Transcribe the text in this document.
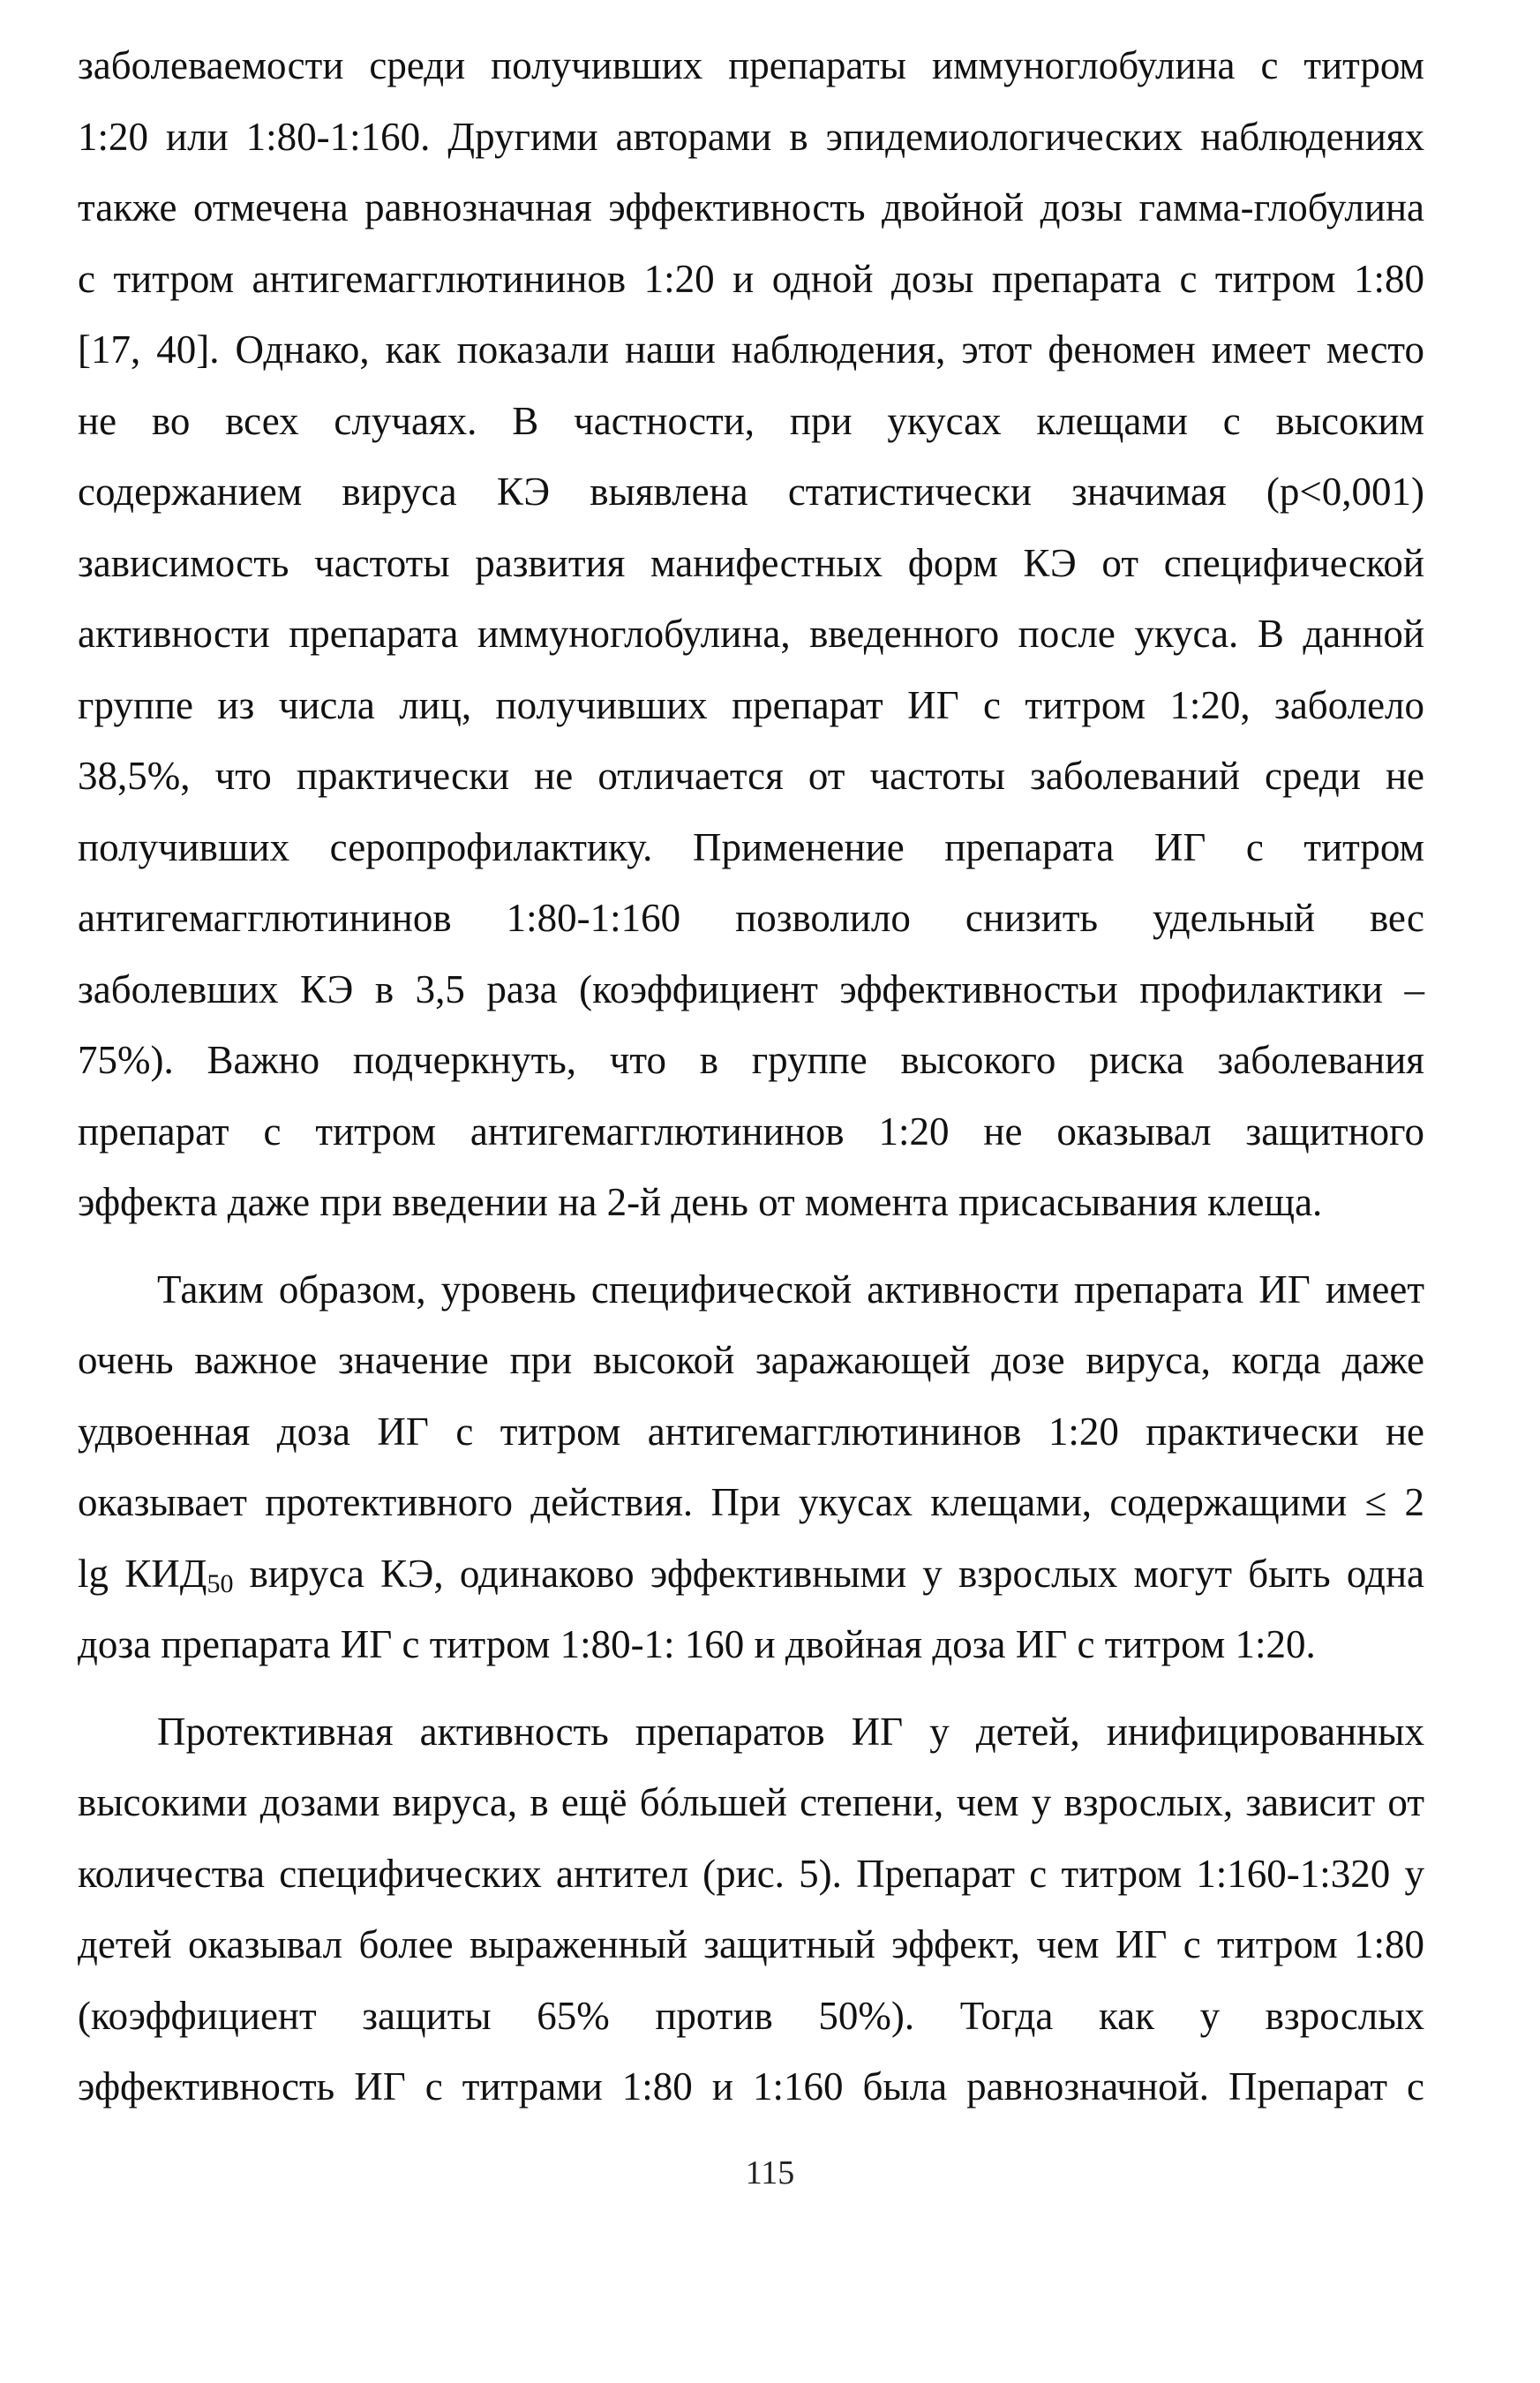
заболеваемости среди получивших препараты иммуноглобулина с титром
1:20 или 1:80-1:160. Другими авторами в эпидемиологических наблюдениях
также отмечена равнозначная эффективность двойной дозы гамма-глобулина
с титром антигемагглютининов 1:20 и одной дозы препарата с титром 1:80
[17, 40]. Однако, как показали наши наблюдения, этот феномен имеет место
не во всех случаях. В частности, при укусах клещами с высоким
содержанием вируса КЭ выявлена статистически значимая (р<0,001)
зависимость частоты развития манифестных форм КЭ от специфической
активности препарата иммуноглобулина, введенного после укуса. В данной
группе из числа лиц, получивших препарат ИГ с титром 1:20, заболело
38,5%, что практически не отличается от частоты заболеваний среди не
получивших серопрофилактику. Применение препарата ИГ с титром
антигемагглютининов 1:80-1:160 позволило снизить удельный вес
заболевших КЭ в 3,5 раза (коэффициент эффективностьи профилактики –
75%). Важно подчеркнуть, что в группе высокого риска заболевания
препарат с титром антигемагглютининов 1:20 не оказывал защитного
эффекта даже при введении на 2-й день от момента присасывания клеща.

Таким образом, уровень специфической активности препарата ИГ имеет
очень важное значение при высокой заражающей дозе вируса, когда даже
удвоенная доза ИГ с титром антигемагглютининов 1:20 практически не
оказывает протективного действия. При укусах клещами, содержащими ≤ 2
$\lg КИД_{50}$ вируса КЭ, одинаково эффективными у взрослых могут быть одна
доза препарата ИГ с титром 1:80-1: 160 и двойная доза ИГ с титром 1:20.

Протективная активность препаратов ИГ у детей, инифицированных
высокими дозами вируса, в ещё бóльшей степени, чем у взрослых, зависит от
количества специфических антител (рис. 5). Препарат с титром 1:160-1:320 у
детей оказывал более выраженный защитный эффект, чем ИГ с титром 1:80
(коэффициент защиты 65% против 50%). Тогда как у взрослых
эффективность ИГ с титрами 1:80 и 1:160 была равнозначной. Препарат с

115
